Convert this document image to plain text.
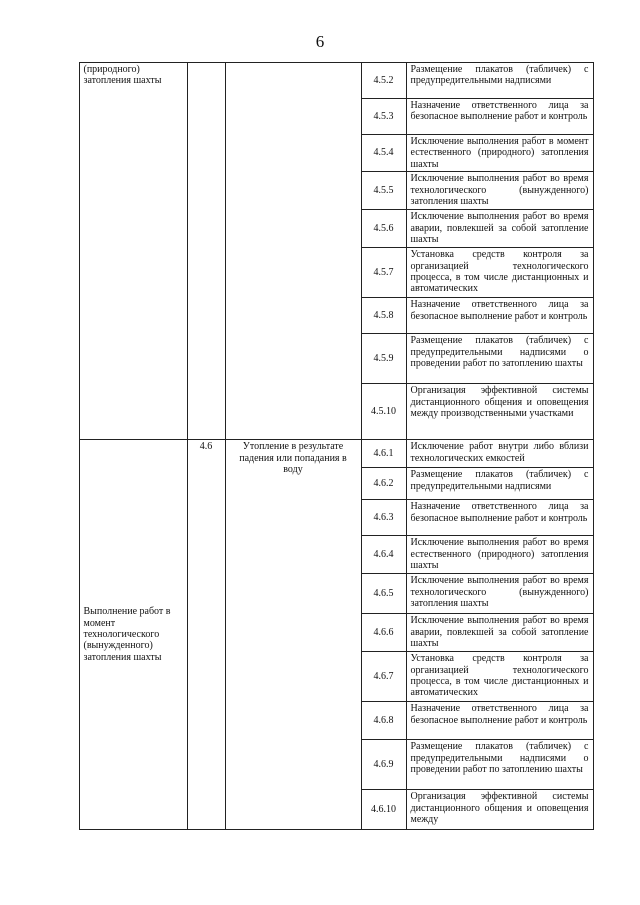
6
	(природного) затопления шахты			4.5.2	Размещение плакатов (табличек) с предупредительными надписями
				4.5.3	Назначение ответственного лица за безопасное выполнение работ и контроль
				4.5.4	Исключение выполнения работ в момент естественного (природного) затопления шахты
				4.5.5	Исключение выполнения работ во время технологического (вынужденного) затопления шахты
				4.5.6	Исключение выполнения работ во время аварии, повлекшей за собой затопление шахты
				4.5.7	Установка средств контроля за организацией технологического процесса, в том числе дистанционных и автоматических
				4.5.8	Назначение ответственного лица за безопасное выполнение работ и контроль
				4.5.9	Размещение плакатов (табличек) с предупредительными надписями о проведении работ по затоплению шахты
				4.5.10	Организация эффективной системы дистанционного общения и оповещения между производственными участками
	Выполнение работ в момент технологического (вынужденного) затопления шахты	4.6	Утопление в результате падения или попадания в воду	4.6.1	Исключение работ внутри либо вблизи технологических емкостей
				4.6.2	Размещение плакатов (табличек) с предупредительными надписями
				4.6.3	Назначение ответственного лица за безопасное выполнение работ и контроль
				4.6.4	Исключение выполнения работ во время естественного (природного) затопления шахты
				4.6.5	Исключение выполнения работ во время технологического (вынужденного) затопления шахты
				4.6.6	Исключение выполнения работ во время аварии, повлекшей за собой затопление шахты
				4.6.7	Установка средств контроля за организацией технологического процесса, в том числе дистанционных и автоматических
				4.6.8	Назначение ответственного лица за безопасное выполнение работ и контроль
				4.6.9	Размещение плакатов (табличек) с предупредительными надписями о проведении работ по затоплению шахты
				4.6.10	Организация эффективной системы дистанционного общения и оповещения между
